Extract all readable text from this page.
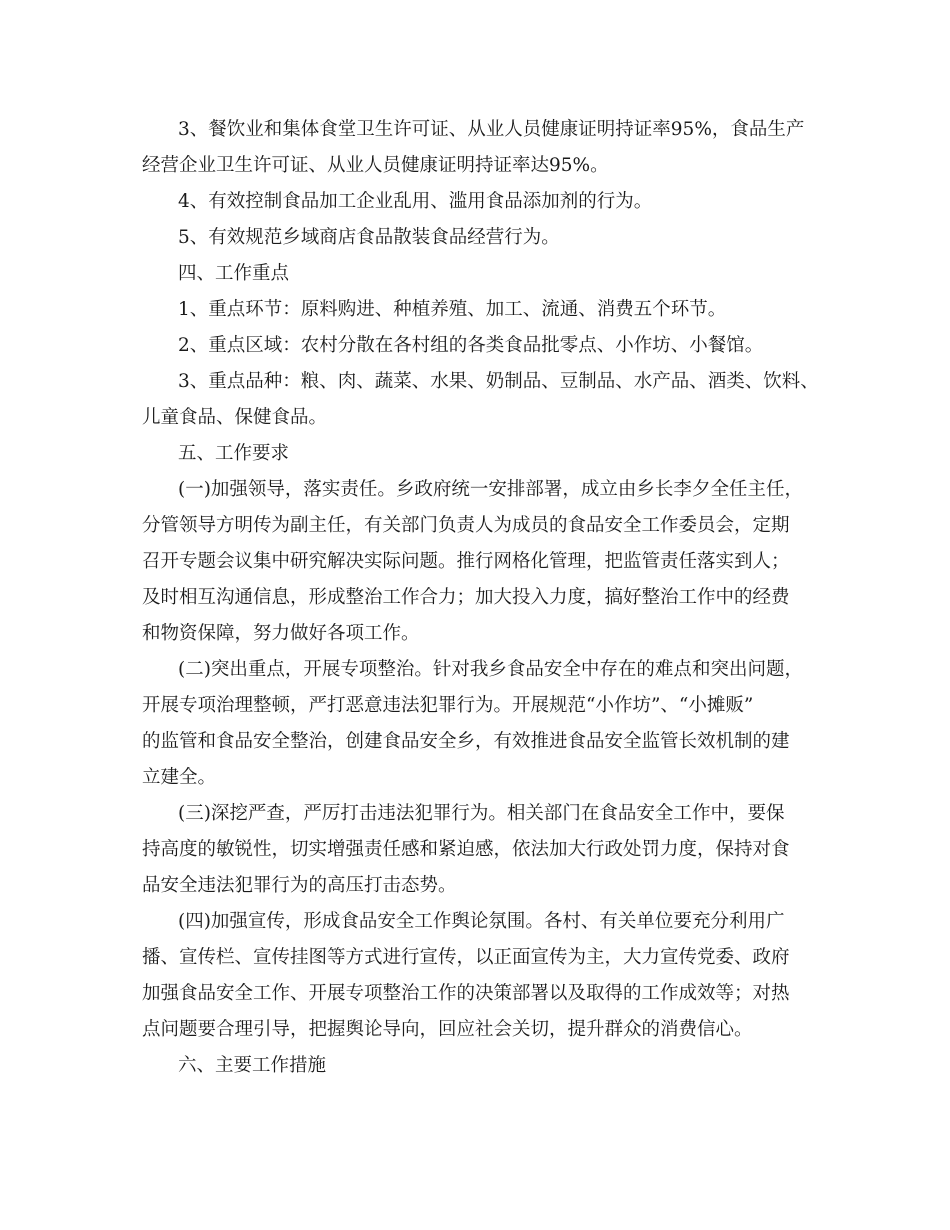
3、餐饮业和集体食堂卫生许可证、从业人员健康证明持证率95%，食品生产
经营企业卫生许可证、从业人员健康证明持证率达95%。
4、有效控制食品加工企业乱用、滥用食品添加剂的行为。
5、有效规范乡域商店食品散装食品经营行为。
四、工作重点
1、重点环节：原料购进、种植养殖、加工、流通、消费五个环节。
2、重点区域：农村分散在各村组的各类食品批零点、小作坊、小餐馆。
3、重点品种：粮、肉、蔬菜、水果、奶制品、豆制品、水产品、酒类、饮料、
儿童食品、保健食品。
五、工作要求
(一)加强领导，落实责任。乡政府统一安排部署，成立由乡长李夕全任主任，
分管领导方明传为副主任，有关部门负责人为成员的食品安全工作委员会，定期
召开专题会议集中研究解决实际问题。推行网格化管理，把监管责任落实到人；
及时相互沟通信息，形成整治工作合力；加大投入力度，搞好整治工作中的经费
和物资保障，努力做好各项工作。
(二)突出重点，开展专项整治。针对我乡食品安全中存在的难点和突出问题，
开展专项治理整顿，严打恶意违法犯罪行为。开展规范“小作坊”、“小摊贩”
的监管和食品安全整治，创建食品安全乡，有效推进食品安全监管长效机制的建
立建全。
(三)深挖严查，严厉打击违法犯罪行为。相关部门在食品安全工作中，要保
持高度的敏锐性，切实增强责任感和紧迫感，依法加大行政处罚力度，保持对食
品安全违法犯罪行为的高压打击态势。
(四)加强宣传，形成食品安全工作舆论氛围。各村、有关单位要充分利用广
播、宣传栏、宣传挂图等方式进行宣传，以正面宣传为主，大力宣传党委、政府
加强食品安全工作、开展专项整治工作的决策部署以及取得的工作成效等；对热
点问题要合理引导，把握舆论导向，回应社会关切，提升群众的消费信心。
六、主要工作措施
